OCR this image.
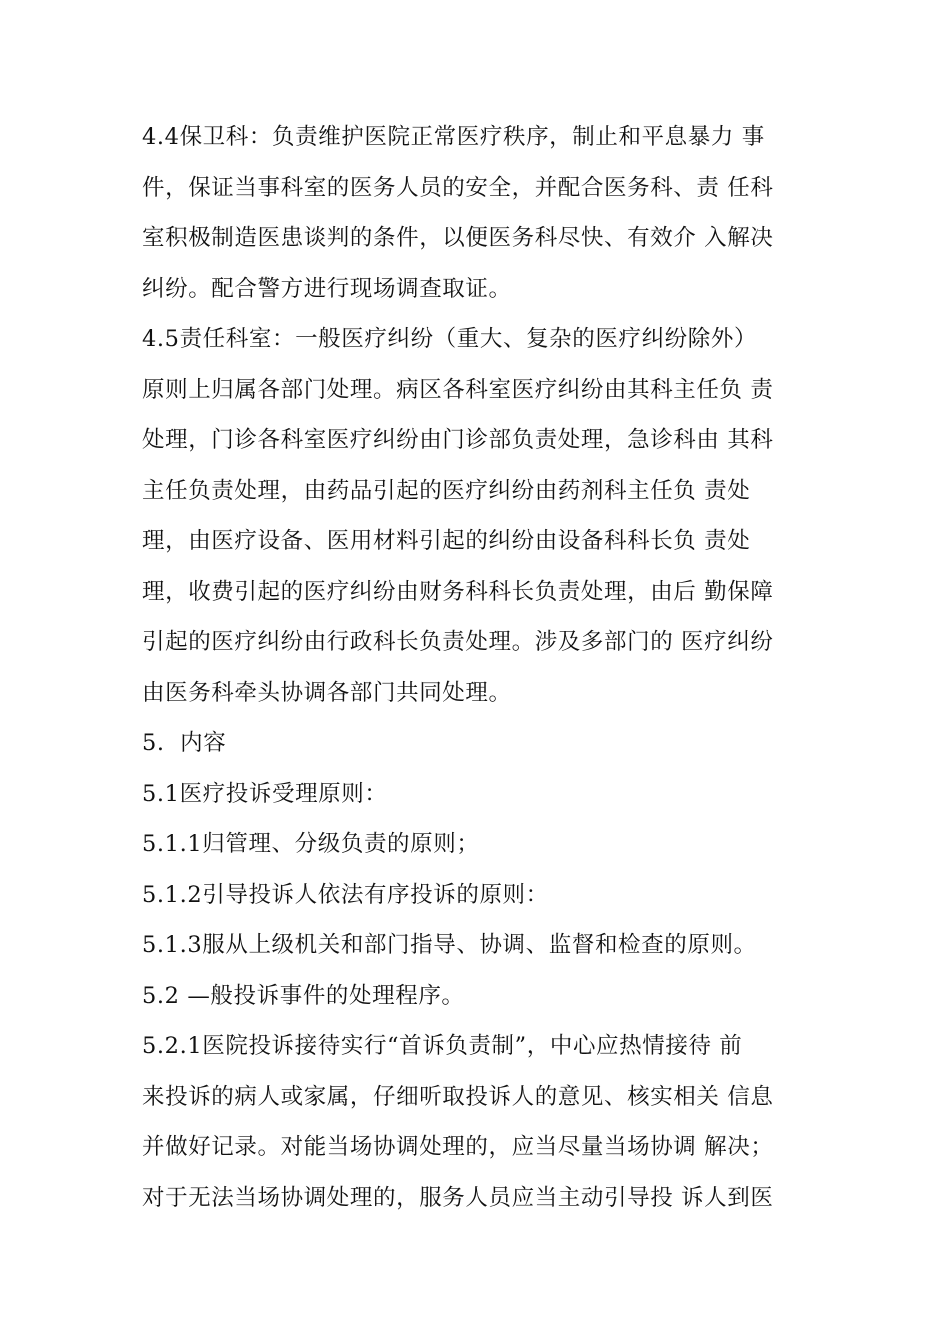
4.4保卫科：负责维护医院正常医疗秩序，制止和平息暴力 事
件，保证当事科室的医务人员的安全，并配合医务科、责 任科
室积极制造医患谈判的条件，以便医务科尽快、有效介 入解决
纠纷。配合警方进行现场调查取证。
4.5责任科室：一般医疗纠纷（重大、复杂的医疗纠纷除外）
原则上归属各部门处理。病区各科室医疗纠纷由其科主任负 责
处理，门诊各科室医疗纠纷由门诊部负责处理，急诊科由 其科
主任负责处理，由药品引起的医疗纠纷由药剂科主任负 责处
理，由医疗设备、医用材料引起的纠纷由设备科科长负 责处
理，收费引起的医疗纠纷由财务科科长负责处理，由后 勤保障
引起的医疗纠纷由行政科长负责处理。涉及多部门的 医疗纠纷
由医务科牵头协调各部门共同处理。
5.  内容
5.1医疗投诉受理原则：
5.1.1归管理、分级负责的原则；
5.1.2引导投诉人依法有序投诉的原则：
5.1.3服从上级机关和部门指导、协调、监督和检查的原则。
5.2 —般投诉事件的处理程序。
5.2.1医院投诉接待实行“首诉负责制”，中心应热情接待 前
来投诉的病人或家属，仔细听取投诉人的意见、核实相关 信息
并做好记录。对能当场协调处理的，应当尽量当场协调 解决；
对于无法当场协调处理的，服务人员应当主动引导投 诉人到医
